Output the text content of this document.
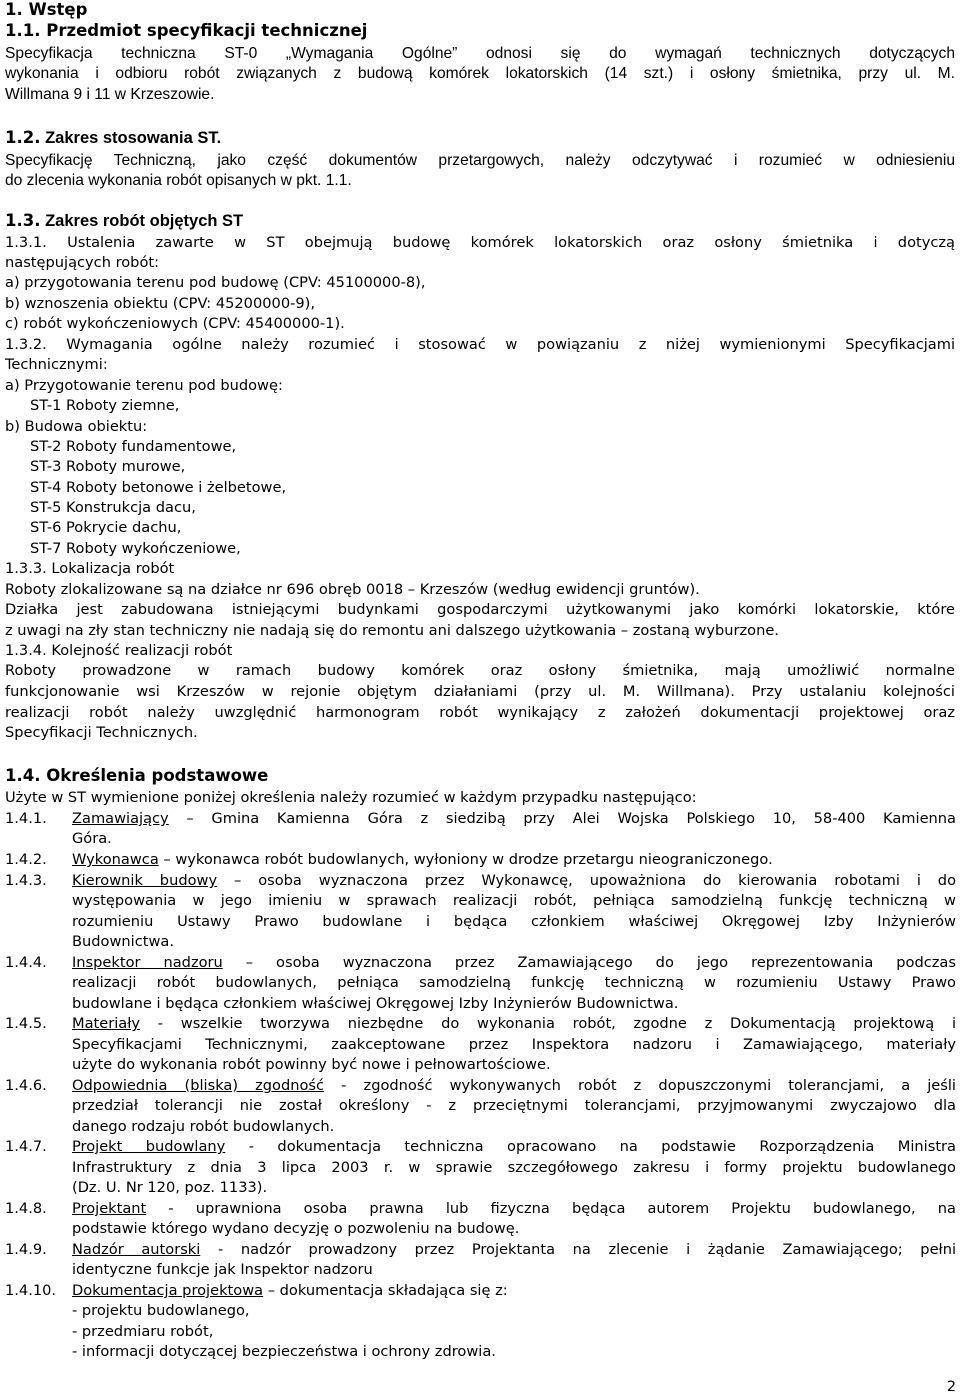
1. Wstęp
1.1. Przedmiot specyfikacji technicznej
Specyfikacja techniczna ST-0 „Wymagania Ogólne” odnosi się do wymagań technicznych dotyczących
wykonania i odbioru robót związanych z budową komórek lokatorskich (14 szt.) i osłony śmietnika, przy ul. M.
Willmana 9 i 11 w Krzeszowie.
1.2. Zakres stosowania ST.
Specyfikację Techniczną, jako część dokumentów przetargowych, należy odczytywać i rozumieć w odniesieniu
do zlecenia wykonania robót opisanych w pkt. 1.1.
1.3. Zakres robót objętych ST
1.3.1. Ustalenia zawarte w ST obejmują budowę komórek lokatorskich oraz osłony śmietnika i dotyczą
następujących robót:
a) przygotowania terenu pod budowę (CPV: 45100000-8),
b) wznoszenia obiektu (CPV: 45200000-9),
c) robót wykończeniowych (CPV: 45400000-1).
1.3.2. Wymagania ogólne należy rozumieć i stosować w powiązaniu z niżej wymienionymi Specyfikacjami
Technicznymi:
a) Przygotowanie terenu pod budowę:
ST-1 Roboty ziemne,
b) Budowa obiektu:
ST-2 Roboty fundamentowe,
ST-3 Roboty murowe,
ST-4 Roboty betonowe i żelbetowe,
ST-5 Konstrukcja dacu,
ST-6 Pokrycie dachu,
ST-7 Roboty wykończeniowe,
1.3.3. Lokalizacja robót
Roboty zlokalizowane są na działce nr 696 obręb 0018 – Krzeszów (według ewidencji gruntów).
Działka jest zabudowana istniejącymi budynkami gospodarczymi użytkowanymi jako komórki lokatorskie, które
z uwagi na zły stan techniczny nie nadają się do remontu ani dalszego użytkowania – zostaną wyburzone.
1.3.4. Kolejność realizacji robót
Roboty prowadzone w ramach budowy komórek oraz osłony śmietnika, mają umożliwić normalne
funkcjonowanie wsi Krzeszów w rejonie objętym działaniami (przy ul. M. Willmana). Przy ustalaniu kolejności
realizacji robót należy uwzględnić harmonogram robót wynikający z założeń dokumentacji projektowej oraz
Specyfikacji Technicznych.
1.4. Określenia podstawowe
Użyte w ST wymienione poniżej określenia należy rozumieć w każdym przypadku następująco:
1.4.1. Zamawiający – Gmina Kamienna Góra z siedzibą przy Alei Wojska Polskiego 10, 58-400 Kamienna
Góra.
1.4.2. Wykonawca – wykonawca robót budowlanych, wyłoniony w drodze przetargu nieograniczonego.
1.4.3. Kierownik budowy – osoba wyznaczona przez Wykonawcę, upoważniona do kierowania robotami i do
występowania w jego imieniu w sprawach realizacji robót, pełniąca samodzielną funkcję techniczną w
rozumieniu Ustawy Prawo budowlane i będąca członkiem właściwej Okręgowej Izby Inżynierów
Budownictwa.
1.4.4. Inspektor nadzoru – osoba wyznaczona przez Zamawiającego do jego reprezentowania podczas
realizacji robót budowlanych, pełniąca samodzielną funkcję techniczną w rozumieniu Ustawy Prawo
budowlane i będąca członkiem właściwej Okręgowej Izby Inżynierów Budownictwa.
1.4.5. Materiały - wszelkie tworzywa niezbędne do wykonania robót, zgodne z Dokumentacją projektową i
Specyfikacjami Technicznymi, zaakceptowane przez Inspektora nadzoru i Zamawiającego, materiały
użyte do wykonania robót powinny być nowe i pełnowartościowe.
1.4.6. Odpowiednia (bliska) zgodność - zgodność wykonywanych robót z dopuszczonymi tolerancjami, a jeśli
przedział tolerancji nie został określony - z przeciętnymi tolerancjami, przyjmowanymi zwyczajowo dla
danego rodzaju robót budowlanych.
1.4.7. Projekt budowlany - dokumentacja techniczna opracowano na podstawie Rozporządzenia Ministra
Infrastruktury z dnia 3 lipca 2003 r. w sprawie szczegółowego zakresu i formy projektu budowlanego
(Dz. U. Nr 120, poz. 1133).
1.4.8. Projektant - uprawniona osoba prawna lub fizyczna będąca autorem Projektu budowlanego, na
podstawie którego wydano decyzję o pozwoleniu na budowę.
1.4.9. Nadzór autorski - nadzór prowadzony przez Projektanta na zlecenie i żądanie Zamawiającego; pełni
identyczne funkcje jak Inspektor nadzoru
1.4.10. Dokumentacja projektowa – dokumentacja składająca się z:
- projektu budowlanego,
- przedmiaru robót,
- informacji dotyczącej bezpieczeństwa i ochrony zdrowia.
2
